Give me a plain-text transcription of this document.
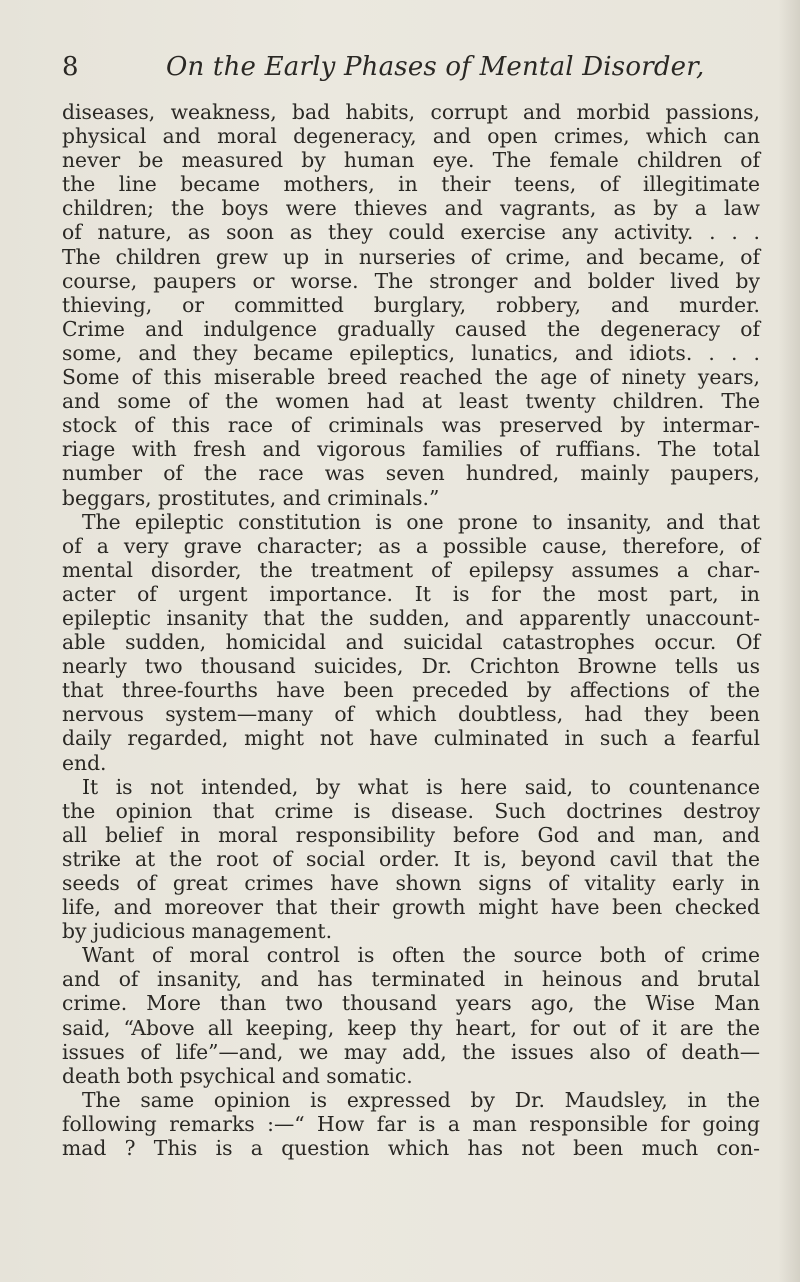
8	On the Early Phases of Mental Disorder,
diseases, weakness, bad habits, corrupt and morbid passions,
physical and moral degeneracy, and open crimes, which can
never be measured by human eye. The female children of
the line became mothers, in their teens, of illegitimate
children; the boys were thieves and vagrants, as by a law
of nature, as soon as they could exercise any activity. . . .
The children grew up in nurseries of crime, and became, of
course, paupers or worse. The stronger and bolder lived by
thieving, or committed burglary, robbery, and murder.
Crime and indulgence gradually caused the degeneracy of
some, and they became epileptics, lunatics, and idiots. . . .
Some of this miserable breed reached the age of ninety years,
and some of the women had at least twenty children. The
stock of this race of criminals was preserved by intermar-
riage with fresh and vigorous families of ruffians. The total
number of the race was seven hundred, mainly paupers,
beggars, prostitutes, and criminals.”
The epileptic constitution is one prone to insanity, and that
of a very grave character; as a possible cause, therefore, of
mental disorder, the treatment of epilepsy assumes a char-
acter of urgent importance. It is for the most part, in
epileptic insanity that the sudden, and apparently unaccount-
able sudden, homicidal and suicidal catastrophes occur. Of
nearly two thousand suicides, Dr. Crichton Browne tells us
that three-fourths have been preceded by affections of the
nervous system—many of which doubtless, had they been
daily regarded, might not have culminated in such a fearful
end.
It is not intended, by what is here said, to countenance
the opinion that crime is disease. Such doctrines destroy
all belief in moral responsibility before God and man, and
strike at the root of social order. It is, beyond cavil that the
seeds of great crimes have shown signs of vitality early in
life, and moreover that their growth might have been checked
by judicious management.
Want of moral control is often the source both of crime
and of insanity, and has terminated in heinous and brutal
crime. More than two thousand years ago, the Wise Man
said, “Above all keeping, keep thy heart, for out of it are the
issues of life”—and, we may add, the issues also of death—
death both psychical and somatic.
The same opinion is expressed by Dr. Maudsley, in the
following remarks :—“ How far is a man responsible for going
mad ? This is a question which has not been much con-
